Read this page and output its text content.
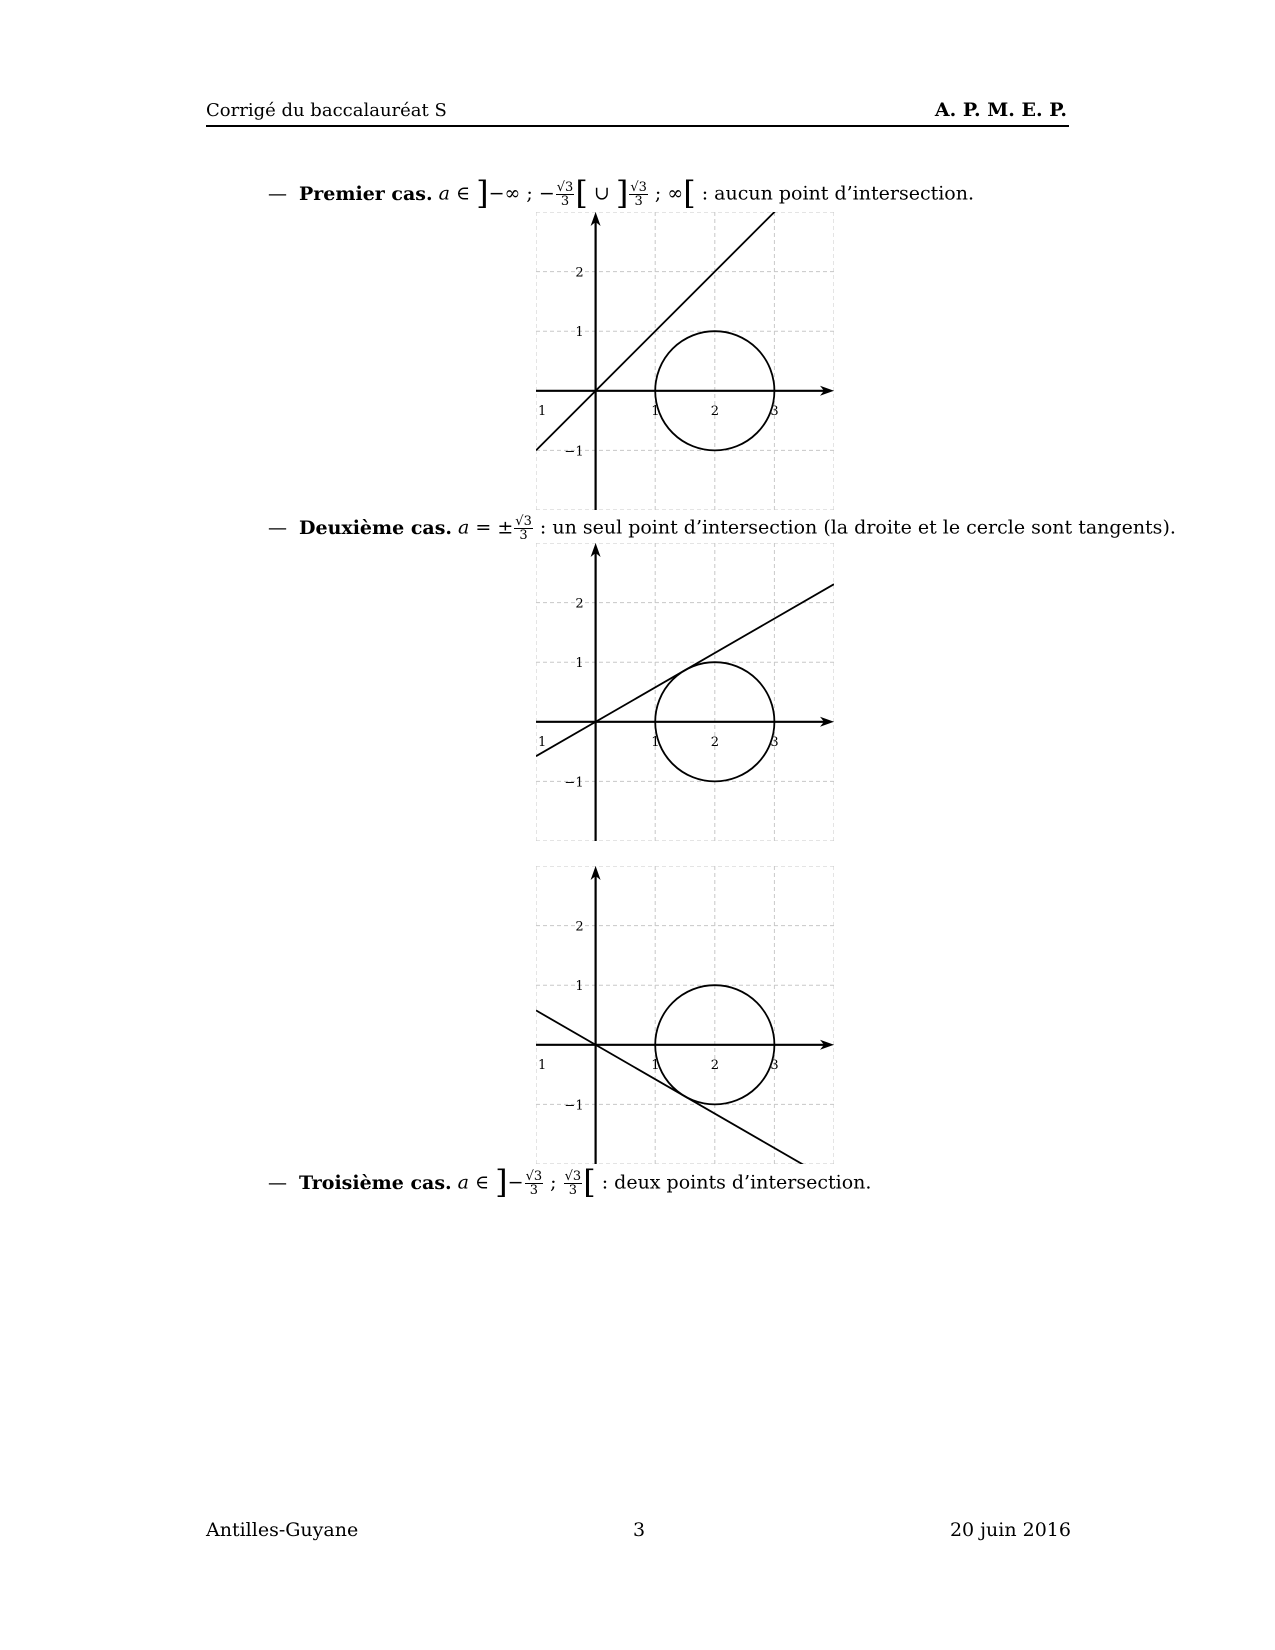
Corrigé du baccalauréat S	A. P. M. E. P.
— Premier cas. a ∈ ]−∞ ; − $\frac{√3}{3}$ [ ∪ ] $\frac{√3}{3}$ ; ∞[ : aucun point d’intersection.
1	1	2	3
2
1
−1
— Deuxième cas. a = ± $\frac{√3}{3}$ : un seul point d’intersection (la droite et le cercle sont tangents).
1	1	2	3
2
1
−1
1	1	2	3
2
1
−1
— Troisième cas. a ∈ ]− $\frac{√3}{3}$ ; $\frac{√3}{3}$ [ : deux points d’intersection.
Antilles-Guyane	3	20 juin 2016
